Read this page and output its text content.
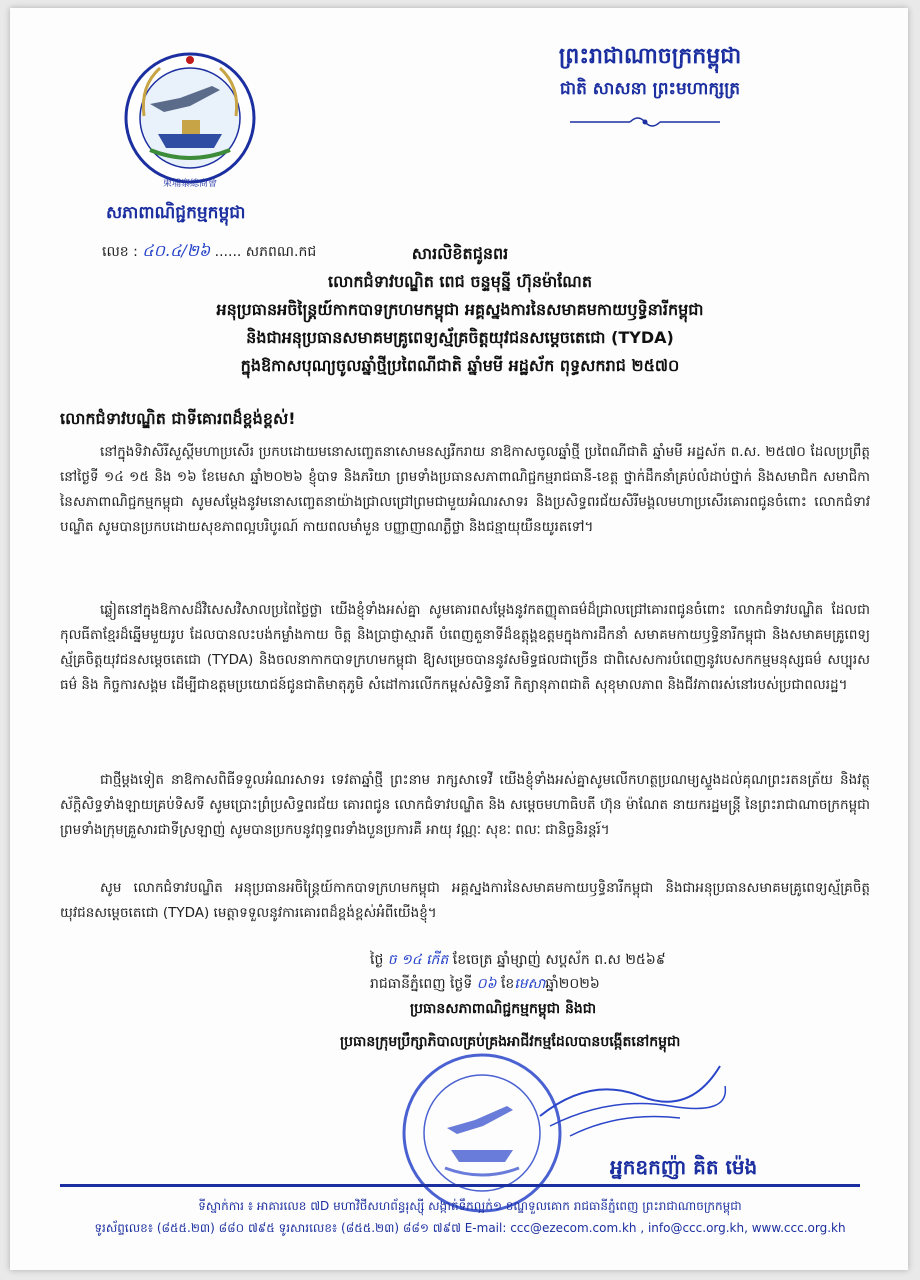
柬埔寨總商會
សភាពាណិជ្ជកម្មកម្ពុជា
ព្រះរាជាណាចក្រកម្ពុជា
ជាតិ សាសនា ព្រះមហាក្សត្រ
លេខ : ៤០.៤/២៦ ...... សភពណ.កជ	សារលិខិតជូនពរ
លោកជំទាវបណ្ឌិត ពេជ ចន្ទមុន្នី ហ៊ុនម៉ាណែត
អនុប្រធានអចិន្ត្រៃយ៍កាកបាទក្រហមកម្ពុជា អគ្គស្នងការនៃសមាគមកាយឫទ្ធិនារីកម្ពុជា
និងជាអនុប្រធានសមាគមគ្រូពេទ្យស្ម័គ្រចិត្តយុវជនសម្តេចតេជោ (TYDA)
ក្នុងឱកាសបុណ្យចូលឆ្នាំថ្មីប្រពៃណីជាតិ ឆ្នាំមមី អដ្ឋស័ក ពុទ្ធសករាជ ២៥៧០
លោកជំទាវបណ្ឌិត ជាទីគោរពដ៏ខ្ពង់ខ្ពស់!
នៅក្នុងទិវាសិរីសួស្តីមហាប្រសើរ ប្រកបដោយមនោសញ្ចេតនាសោមនស្សរីករាយ នាឱកាសចូលឆ្នាំថ្មី ប្រពៃណីជាតិ ឆ្នាំមមី អដ្ឋស័ក ព.ស. ២៥៧០ ដែលប្រព្រឹត្តនៅថ្ងៃទី ១៤ ១៥ និង ១៦ ខែមេសា ឆ្នាំ២០២៦ ខ្ញុំបាទ និងភរិយា ព្រមទាំងប្រធានសភាពាណិជ្ជកម្មរាជធានី-ខេត្ត ថ្នាក់ដឹកនាំគ្រប់លំដាប់ថ្នាក់ និងសមាជិក សមាជិកា នៃសភាពាណិជ្ជកម្មកម្ពុជា សូមសម្តែងនូវមនោសញ្ចេតនាយ៉ាងជ្រាលជ្រៅព្រមជាមួយអំណរសាទរ និងប្រសិទ្ធពរជ័យសិរីមង្គលមហាប្រសើរគោរពជូនចំពោះ លោកជំទាវបណ្ឌិត សូមបានប្រកបដោយសុខភាពល្អបរិបូរណ៍ កាយពលមាំមួន បញ្ញាញាណភ្លឺថ្លា និងជន្មាយុយឺនយូរតទៅ។
ឆ្លៀតនៅក្នុងឱកាសដ៏វិសេសវិសាលប្រពៃថ្លៃថ្លា យើងខ្ញុំទាំងអស់គ្នា សូមគោរពសម្តែងនូវកតញ្ញុតាធម៌ដ៏ជ្រាលជ្រៅគោរពជូនចំពោះ លោកជំទាវបណ្ឌិត ដែលជាកុលធីតាខ្មែរដ៏ឆ្នើមមួយរូប ដែលបានលះបង់កម្លាំងកាយ ចិត្ត និងប្រាជ្ញាស្មារតី បំពេញតួនាទីដ៏ឧត្តុង្គឧត្តមក្នុងការដឹកនាំ សមាគមកាយឫទ្ធិនារីកម្ពុជា និងសមាគមគ្រូពេទ្យស្ម័គ្រចិត្តយុវជនសម្តេចតេជោ (TYDA) និងចលនាកាកបាទក្រហមកម្ពុជា ឱ្យសម្រេចបាននូវសមិទ្ធផលជាច្រើន ជាពិសេសការបំពេញនូវបេសកកម្មមនុស្សធម៌ សប្បុរសធម៌ និង កិច្ចការសង្គម ដើម្បីជាឧត្តមប្រយោជន៍ជូនជាតិមាតុភូមិ សំដៅការលើកកម្ពស់សិទ្ធិនារី កិត្យានុភាពជាតិ សុខុមាលភាព និងជីវភាពរស់នៅរបស់ប្រជាពលរដ្ឋ។
ជាថ្មីម្តងទៀត នាឱកាសពិធីទទួលអំណរសាទរ ទេវតាឆ្នាំថ្មី ព្រះនាម រាក្សសាទេវី យើងខ្ញុំទាំងអស់គ្នាសូមលើកហត្ថប្រណម្យស្ទួងដល់គុណព្រះរតនត្រ័យ និងវត្ថុស័ក្តិសិទ្ធទាំងឡាយគ្រប់ទិសទី សូមប្រោះព្រំប្រសិទ្ធពរជ័យ គោរពជូន លោកជំទាវបណ្ឌិត និង សម្តេចមហាធិបតី ហ៊ុន ម៉ាណែត នាយករដ្ឋមន្ត្រី នៃព្រះរាជាណាចក្រកម្ពុជា ព្រមទាំងក្រុមគ្រួសារជាទីស្រឡាញ់ សូមបានប្រកបនូវពុទ្ធពរទាំងបួនប្រការគឺ អាយុ វណ្ណៈ សុខៈ ពលៈ ជានិច្ចនិរន្តរ៍។
សូម លោកជំទាវបណ្ឌិត អនុប្រធានអចិន្ត្រៃយ៍កាកបាទក្រហមកម្ពុជា អគ្គស្នងការនៃសមាគមកាយឫទ្ធិនារីកម្ពុជា និងជាអនុប្រធានសមាគមគ្រូពេទ្យស្ម័គ្រចិត្តយុវជនសម្តេចតេជោ (TYDA) មេត្តាទទួលនូវការគោរពដ៏ខ្ពង់ខ្ពស់អំពីយើងខ្ញុំ។
ថ្ងៃ ច ១៤ កើត ខែចេត្រ ឆ្នាំម្សាញ់ សប្តស័ក ព.ស ២៥៦៩
រាជធានីភ្នំពេញ ថ្ងៃទី ០៦ ខែមេសាឆ្នាំ២០២៦
ប្រធានសភាពាណិជ្ជកម្មកម្ពុជា និងជា
ប្រធានក្រុមប្រឹក្សាភិបាលគ្រប់គ្រងអាជីវកម្មដែលបានបង្កើតនៅកម្ពុជា
អ្នកឧកញ៉ា គិត ម៉េង
ទីស្នាក់ការ ៖ អាគារលេខ ៧D មហាវិថីសហព័ន្ធរុស្ស៊ី សង្កាត់ទឹកល្អក់១ ខណ្ឌទួលគោក រាជធានីភ្នំពេញ ព្រះរាជាណាចក្រកម្ពុជា
ទូរស័ព្ទលេខ៖ (៨៥៥.២៣) ៨៨០ ៧៩៥ ទូរសារលេខ៖ (៨៥៥.២៣) ៨៨១ ៧៩៧ E-mail: ccc@ezecom.com.kh , info@ccc.org.kh, www.ccc.org.kh
